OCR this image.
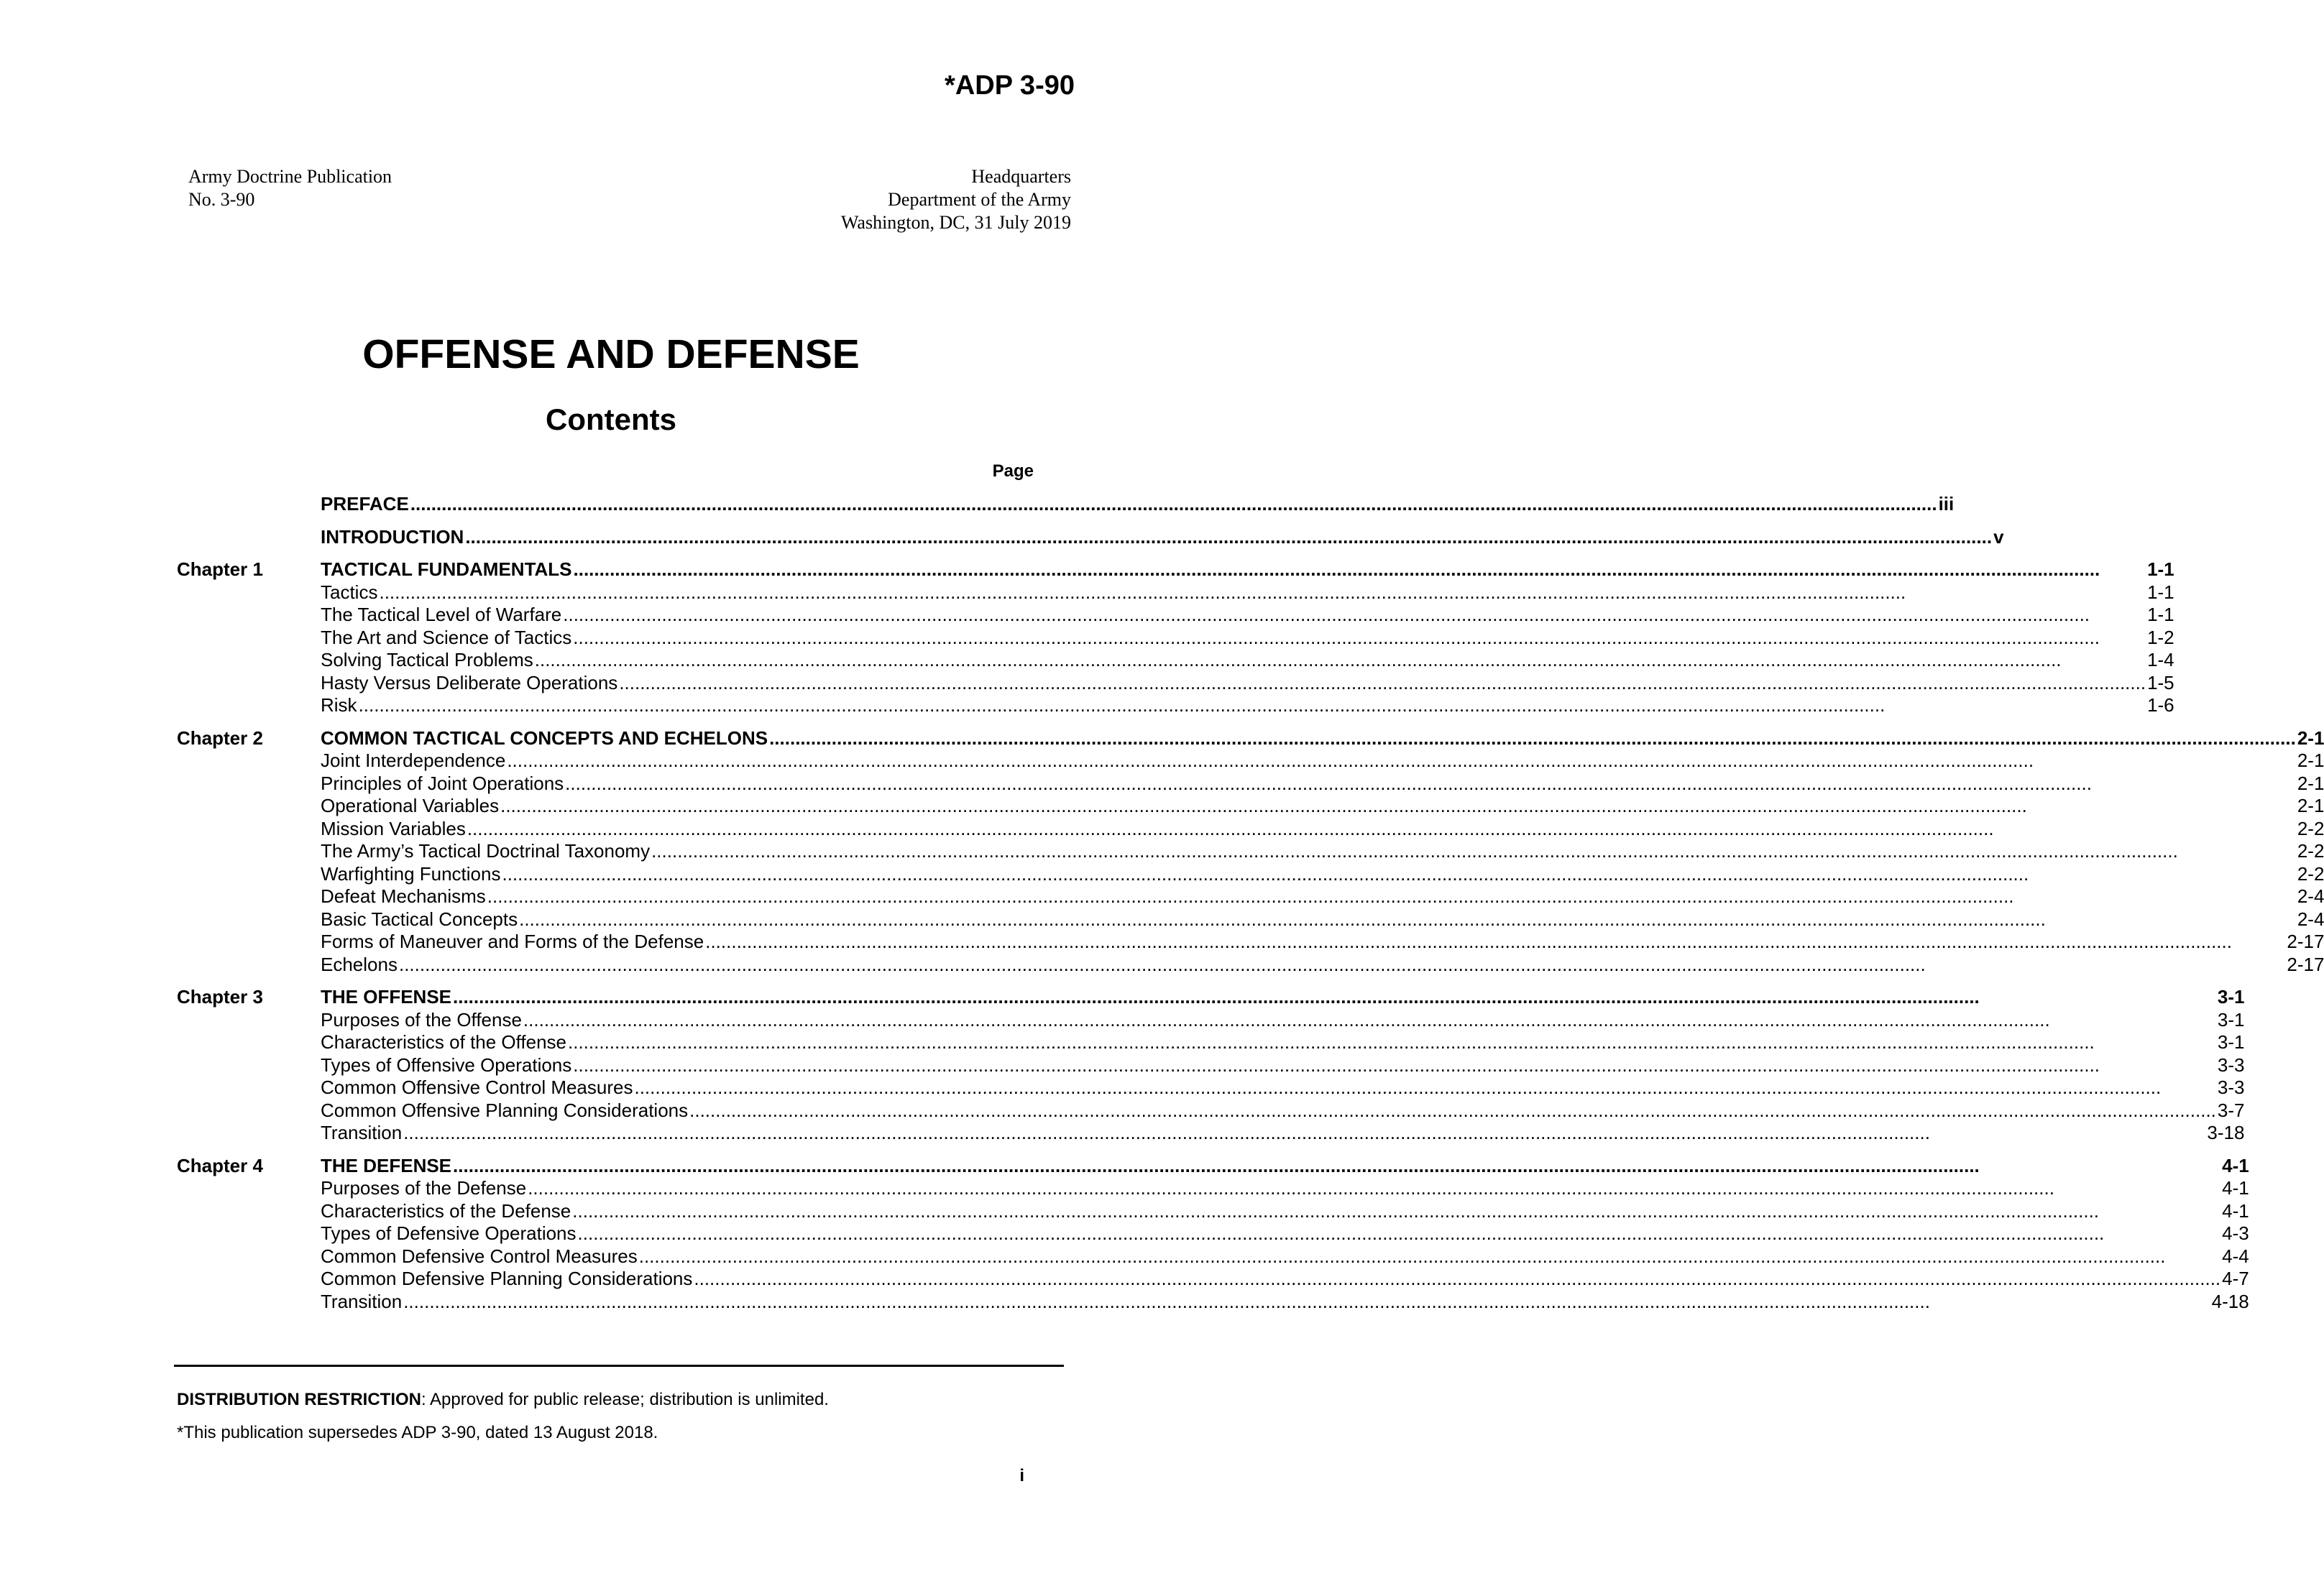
*ADP 3-90
Army Doctrine Publication
No. 3-90
Headquarters
Department of the Army
Washington, DC, 31 July 2019
OFFENSE AND DEFENSE
Contents
Page
PREFACE .....	iii
INTRODUCTION .....	v
Chapter 1	TACTICAL FUNDAMENTALS .....	1-1
Tactics .....	1-1
The Tactical Level of Warfare .....	1-1
The Art and Science of Tactics .....	1-2
Solving Tactical Problems .....	1-4
Hasty Versus Deliberate Operations .....	1-5
Risk .....	1-6
Chapter 2	COMMON TACTICAL CONCEPTS AND ECHELONS .....	2-1
Joint Interdependence .....	2-1
Principles of Joint Operations .....	2-1
Operational Variables .....	2-1
Mission Variables .....	2-2
The Army’s Tactical Doctrinal Taxonomy .....	2-2
Warfighting Functions .....	2-2
Defeat Mechanisms .....	2-4
Basic Tactical Concepts .....	2-4
Forms of Maneuver and Forms of the Defense .....	2-17
Echelons .....	2-17
Chapter 3	THE OFFENSE .....	3-1
Purposes of the Offense .....	3-1
Characteristics of the Offense .....	3-1
Types of Offensive Operations .....	3-3
Common Offensive Control Measures .....	3-3
Common Offensive Planning Considerations .....	3-7
Transition .....	3-18
Chapter 4	THE DEFENSE .....	4-1
Purposes of the Defense .....	4-1
Characteristics of the Defense .....	4-1
Types of Defensive Operations .....	4-3
Common Defensive Control Measures .....	4-4
Common Defensive Planning Considerations .....	4-7
Transition .....	4-18
DISTRIBUTION RESTRICTION: Approved for public release; distribution is unlimited.
*This publication supersedes ADP 3-90, dated 13 August 2018.
i
